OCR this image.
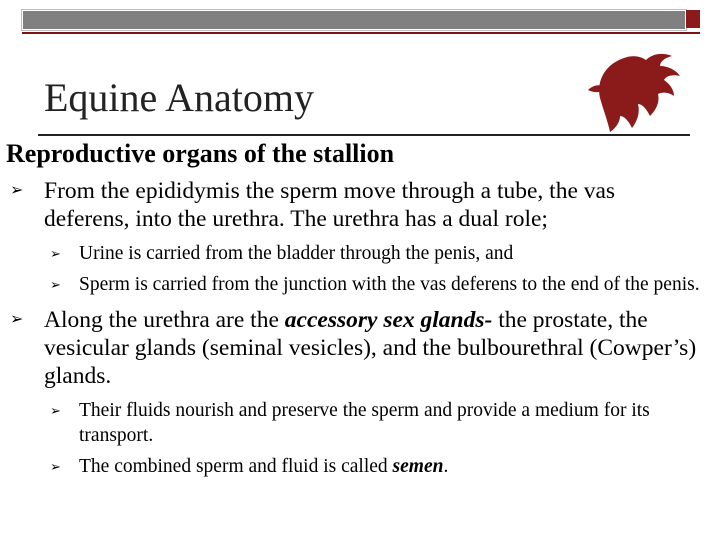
Equine Anatomy
Reproductive organs of the stallion
➢ From the epididymis the sperm move through a tube, the vas deferens, into the urethra. The urethra has a dual role;
➢ Urine is carried from the bladder through the penis, and
➢ Sperm is carried from the junction with the vas deferens to the end of the penis.
➢ Along the urethra are the accessory sex glands- the prostate, the vesicular glands (seminal vesicles), and the bulbourethral (Cowper’s) glands.
➢ Their fluids nourish and preserve the sperm and provide a medium for its transport.
➢ The combined sperm and fluid is called semen.
